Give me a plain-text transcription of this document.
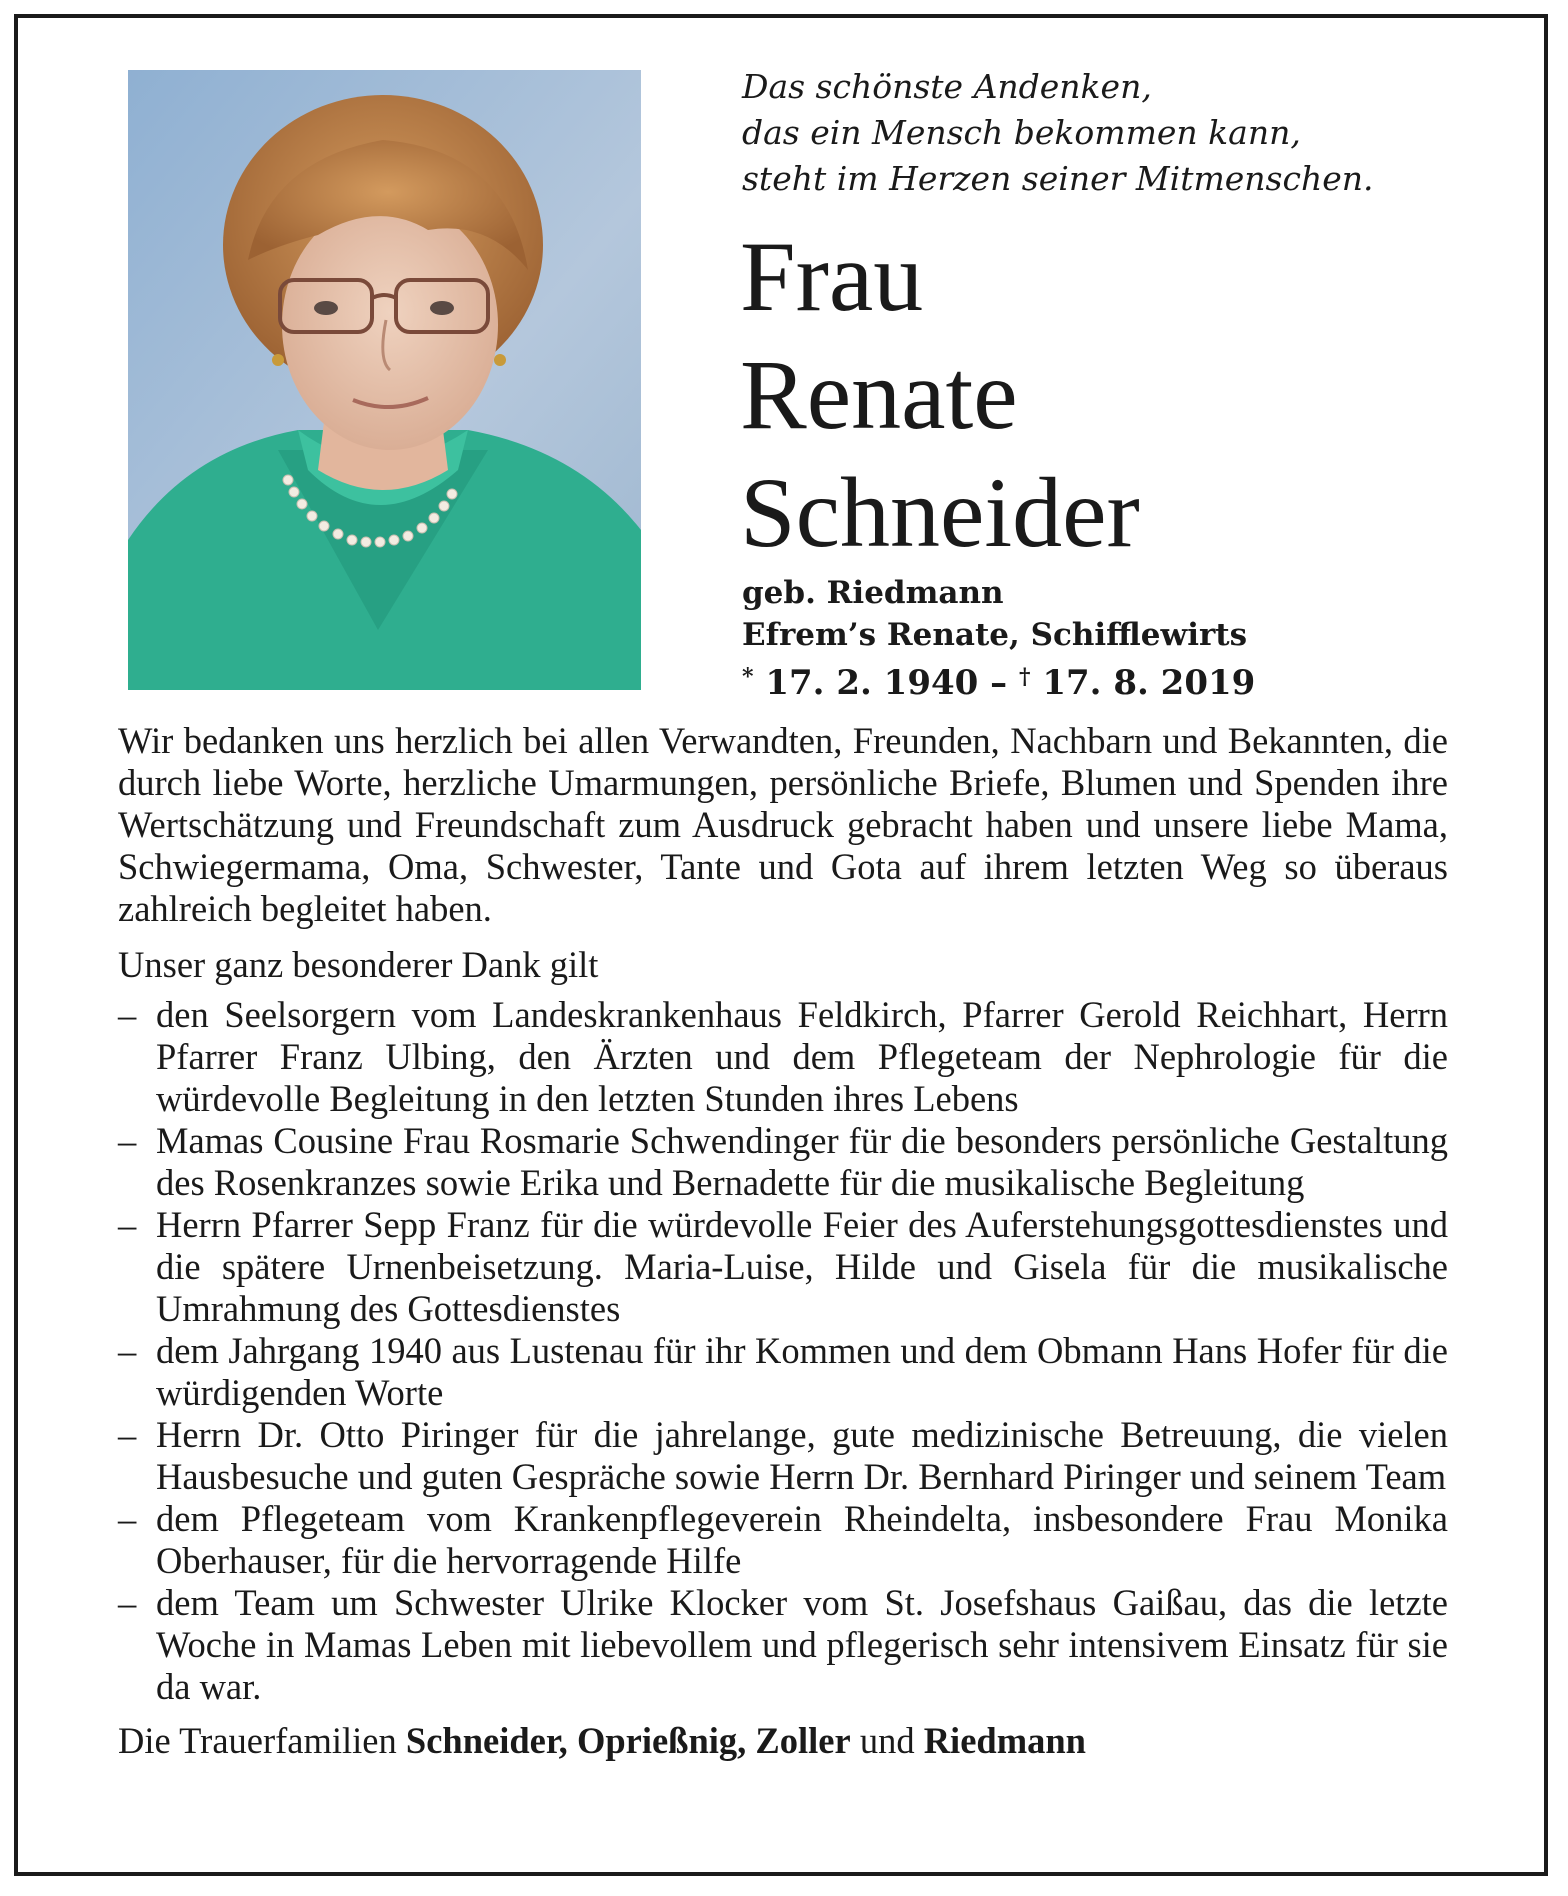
Das schönste Andenken,
das ein Mensch bekommen kann,
steht im Herzen seiner Mitmenschen.
Frau
Renate
Schneider
geb. Riedmann
Efrem’s Renate, Schifflewirts
* 17. 2. 1940 – † 17. 8. 2019

Wir bedanken uns herzlich bei allen Verwandten, Freunden, Nachbarn und Bekannten, die durch liebe Worte, herzliche Umarmungen, persönliche Briefe, Blumen und Spenden ihre Wertschätzung und Freundschaft zum Ausdruck gebracht haben und unsere liebe Mama, Schwiegermama, Oma, Schwester, Tante und Gota auf ihrem letzten Weg so überaus zahlreich begleitet haben.

Unser ganz besonderer Dank gilt

– den Seelsorgern vom Landeskrankenhaus Feldkirch, Pfarrer Gerold Reichhart, Herrn Pfarrer Franz Ulbing, den Ärzten und dem Pflegeteam der Nephrologie für die würdevolle Begleitung in den letzten Stunden ihres Lebens
– Mamas Cousine Frau Rosmarie Schwendinger für die besonders persönliche Gestaltung des Rosenkranzes sowie Erika und Bernadette für die musikalische Begleitung
– Herrn Pfarrer Sepp Franz für die würdevolle Feier des Auferstehungsgottesdienstes und die spätere Urnenbeisetzung. Maria-Luise, Hilde und Gisela für die musikalische Umrahmung des Gottesdienstes
– dem Jahrgang 1940 aus Lustenau für ihr Kommen und dem Obmann Hans Hofer für die würdigenden Worte
– Herrn Dr. Otto Piringer für die jahrelange, gute medizinische Betreuung, die vielen Hausbesuche und guten Gespräche sowie Herrn Dr. Bernhard Piringer und seinem Team
– dem Pflegeteam vom Krankenpflegeverein Rheindelta, insbesondere Frau Monika Oberhauser, für die hervorragende Hilfe
– dem Team um Schwester Ulrike Klocker vom St. Josefshaus Gaißau, das die letzte Woche in Mamas Leben mit liebevollem und pflegerisch sehr intensivem Einsatz für sie da war.
Die Trauerfamilien Schneider, Oprießnig, Zoller und Riedmann
